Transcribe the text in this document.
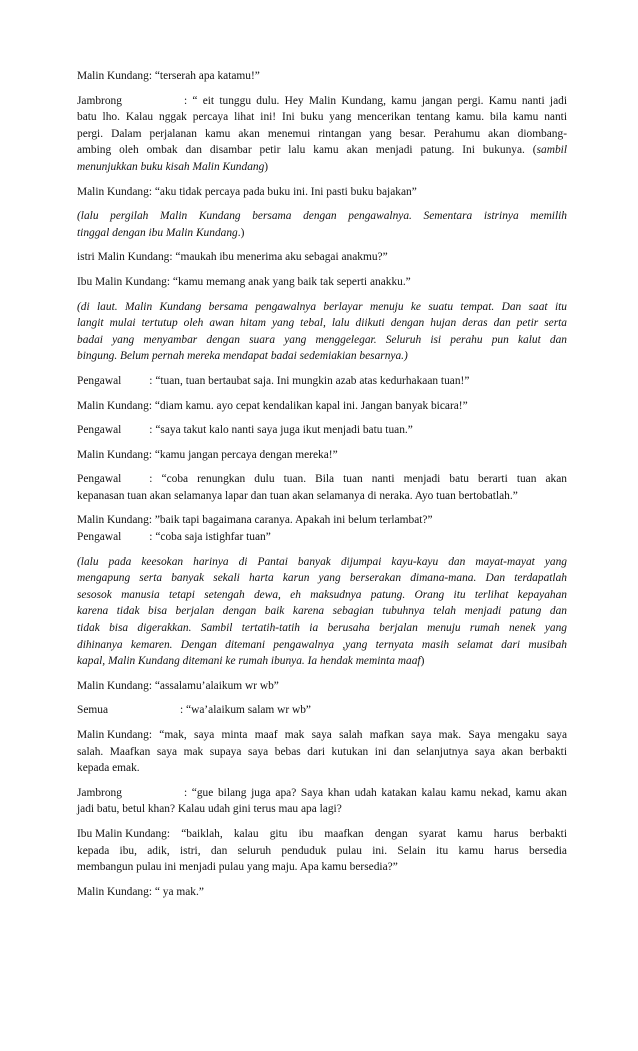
Malin Kundang: “terserah apa katamu!”
Jambrong	: “ eit tunggu dulu. Hey Malin Kundang, kamu jangan pergi. Kamu nanti jadi
batu lho. Kalau nggak percaya lihat ini! Ini buku yang mencerikan tentang kamu. bila kamu nanti
pergi. Dalam perjalanan kamu akan menemui rintangan yang besar. Perahumu akan diombang-
ambing oleh ombak dan disambar petir lalu kamu akan menjadi patung. Ini bukunya. (sambil
menunjukkan buku kisah Malin Kundang)
Malin Kundang: “aku tidak percaya pada buku ini. Ini pasti buku bajakan”
(lalu pergilah Malin Kundang bersama dengan pengawalnya. Sementara istrinya memilih
tinggal dengan ibu Malin Kundang.)
istri Malin Kundang: “maukah ibu menerima aku sebagai anakmu?”
Ibu Malin Kundang: “kamu memang anak yang baik tak seperti anakku.”
(di laut. Malin Kundang bersama pengawalnya berlayar menuju ke suatu tempat. Dan saat itu
langit mulai tertutup oleh awan hitam yang tebal, lalu diikuti dengan hujan deras dan petir serta
badai yang menyambar dengan suara yang menggelegar. Seluruh isi perahu pun kalut dan
bingung. Belum pernah mereka mendapat badai sedemiakian besarnya.)
Pengawal : “tuan, tuan bertaubat saja. Ini mungkin azab atas kedurhakaan tuan!”
Malin Kundang: “diam kamu. ayo cepat kendalikan kapal ini. Jangan banyak bicara!”
Pengawal : “saya takut kalo nanti saya juga ikut menjadi batu tuan.”
Malin Kundang: “kamu jangan percaya dengan mereka!”
Pengawal : “coba renungkan dulu tuan. Bila tuan nanti menjadi batu berarti tuan akan
kepanasan tuan akan selamanya lapar dan tuan akan selamanya di neraka. Ayo tuan bertobatlah.”
Malin Kundang: ”baik tapi bagaimana caranya. Apakah ini belum terlambat?”
Pengawal : “coba saja istighfar tuan”
(lalu pada keesokan harinya di Pantai banyak dijumpai kayu-kayu dan mayat-mayat yang
mengapung serta banyak sekali harta karun yang berserakan dimana-mana. Dan terdapatlah
sesosok manusia tetapi setengah dewa, eh maksudnya patung. Orang itu terlihat kepayahan
karena tidak bisa berjalan dengan baik karena sebagian tubuhnya telah menjadi patung dan
tidak bisa digerakkan. Sambil tertatih-tatih ia berusaha berjalan menuju rumah nenek yang
dihinanya kemaren. Dengan ditemani pengawalnya ,yang ternyata masih selamat dari musibah
kapal, Malin Kundang ditemani ke rumah ibunya. Ia hendak meminta maaf)
Malin Kundang: “assalamu’alaikum wr wb”
Semua	: “wa’alaikum salam wr wb”
Malin Kundang: “mak, saya minta maaf mak saya salah mafkan saya mak. Saya mengaku saya
salah. Maafkan saya mak supaya saya bebas dari kutukan ini dan selanjutnya saya akan berbakti
kepada emak.
Jambrong	: “gue bilang juga apa? Saya khan udah katakan kalau kamu nekad, kamu akan
jadi batu, betul khan? Kalau udah gini terus mau apa lagi?
Ibu Malin Kundang: “baiklah, kalau gitu ibu maafkan dengan syarat kamu harus berbakti
kepada ibu, adik, istri, dan seluruh penduduk pulau ini. Selain itu kamu harus bersedia
membangun pulau ini menjadi pulau yang maju. Apa kamu bersedia?”
Malin Kundang: “ ya mak.”
